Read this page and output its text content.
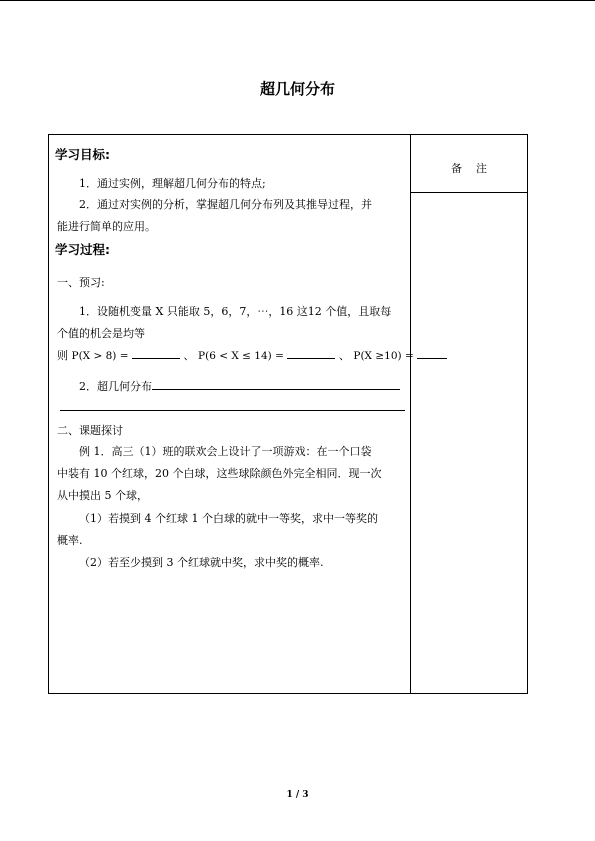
超几何分布
备注
学习目标:
1．通过实例，理解超几何分布的特点;
2．通过对实例的分析，掌握超几何分布列及其推导过程，并
能进行简单的应用。
学习过程:
一、预习:
1．设随机变量 X 只能取 5，6，7，⋯，16 这12 个值，且取每
个值的机会是均等
则 P(X > 8) =	、 P(6 < X ≤ 14) =	、 P(X ≥10) =
2．超几何分布
二、课题探讨
例 1．高三（1）班的联欢会上设计了一项游戏：在一个口袋
中装有 10 个红球，20 个白球，这些球除颜色外完全相同．现一次
从中摸出 5 个球，
（1）若摸到 4 个红球 1 个白球的就中一等奖，求中一等奖的
概率.
（2）若至少摸到 3 个红球就中奖，求中奖的概率.
1 / 3
